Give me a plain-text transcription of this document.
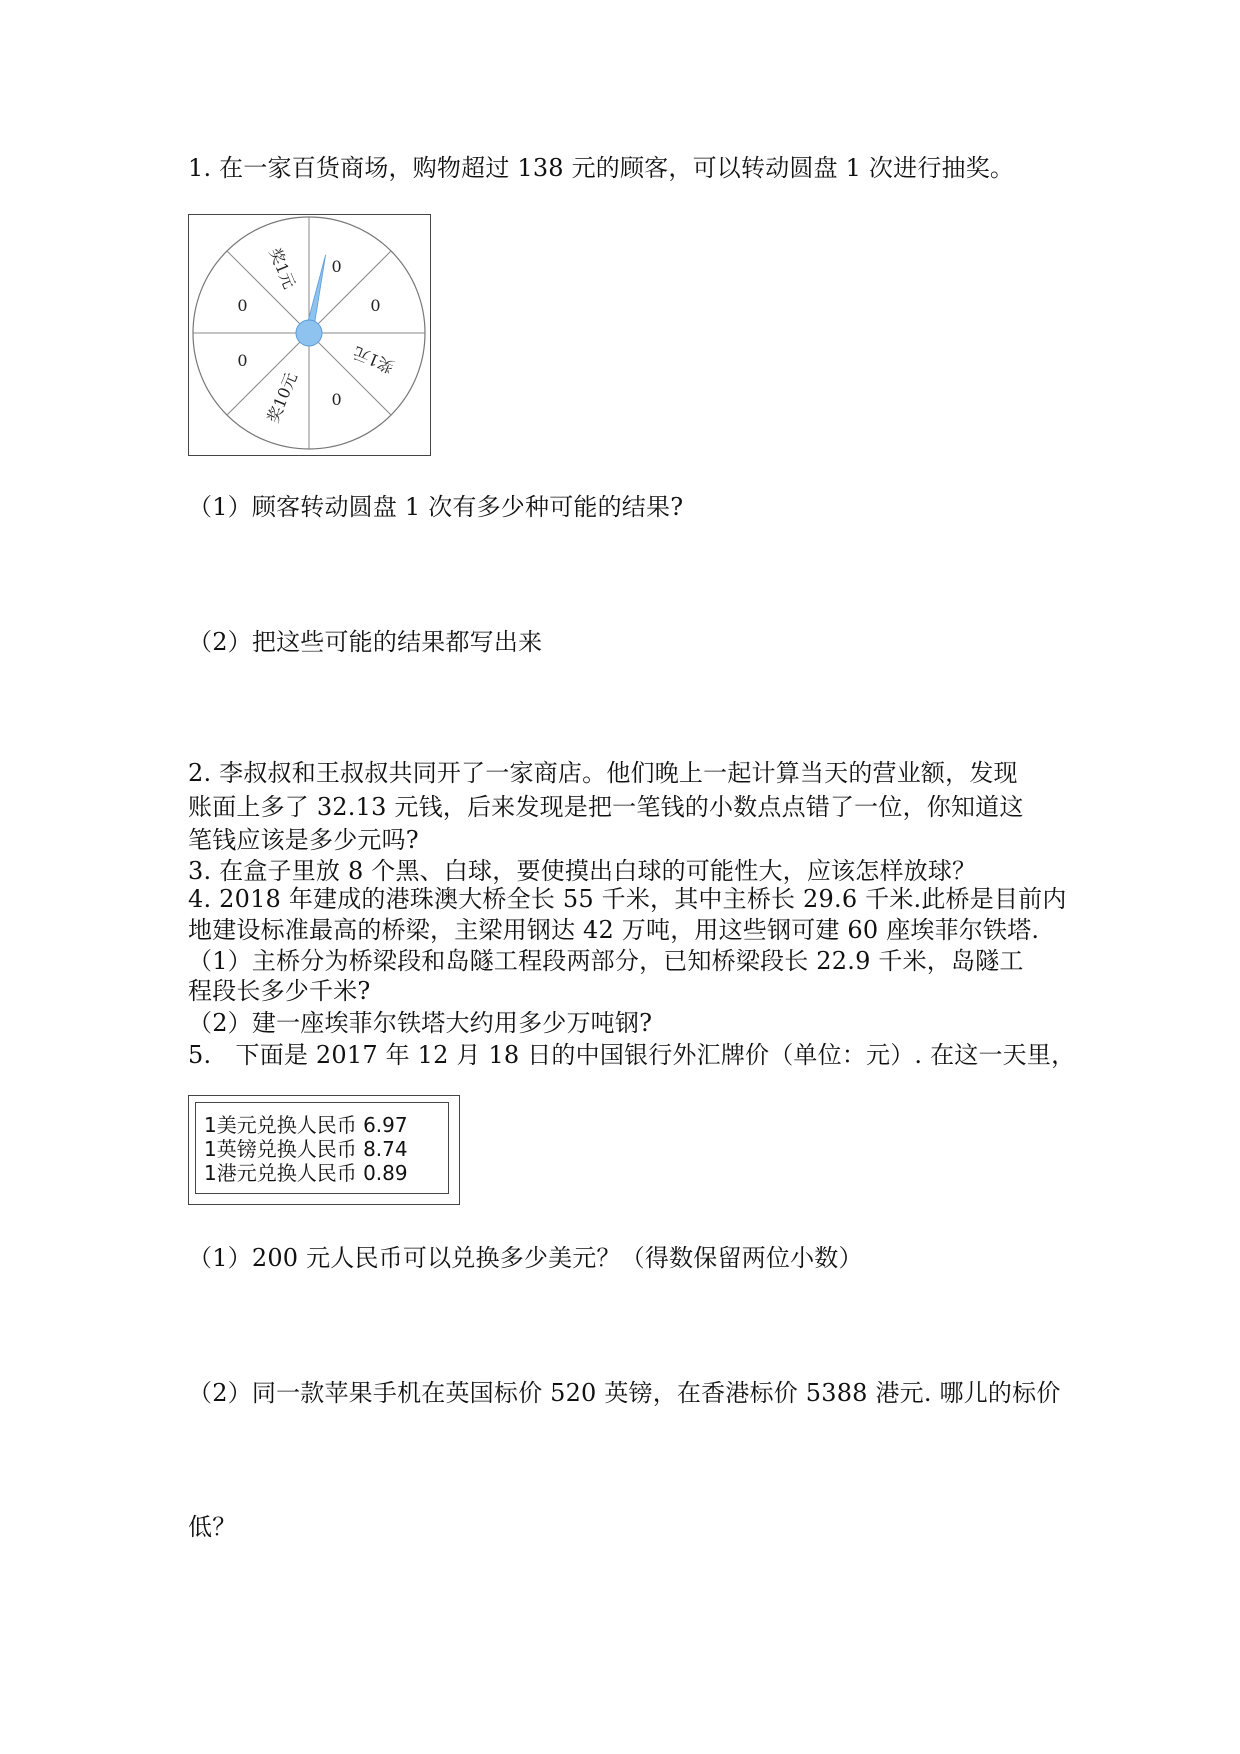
1. 在一家百货商场，购物超过 138 元的顾客，可以转动圆盘 1 次进行抽奖。
奖1元 0
0
奖1元
0
奖10元
0
0
（1）顾客转动圆盘 1 次有多少种可能的结果?
（2）把这些可能的结果都写出来
2. 李叔叔和王叔叔共同开了一家商店。他们晚上一起计算当天的营业额，发现
账面上多了 32.13 元钱，后来发现是把一笔钱的小数点点错了一位，你知道这
笔钱应该是多少元吗?
3. 在盒子里放 8 个黑、白球，要使摸出白球的可能性大，应该怎样放球？
4. 2018 年建成的港珠澳大桥全长 55 千米，其中主桥长 29.6 千米.此桥是目前内
地建设标准最高的桥梁，主梁用钢达 42 万吨，用这些钢可建 60 座埃菲尔铁塔.
（1）主桥分为桥梁段和岛隧工程段两部分，已知桥梁段长 22.9 千米，岛隧工
程段长多少千米?
（2）建一座埃菲尔铁塔大约用多少万吨钢?
5.　下面是 2017 年 12 月 18 日的中国银行外汇牌价（单位：元）. 在这一天里，
1美元兑换人民币 6.97
1英镑兑换人民币 8.74
1港元兑换人民币 0.89
（1）200 元人民币可以兑换多少美元？（得数保留两位小数）
（2）同一款苹果手机在英国标价 520 英镑，在香港标价 5388 港元. 哪儿的标价
低？
